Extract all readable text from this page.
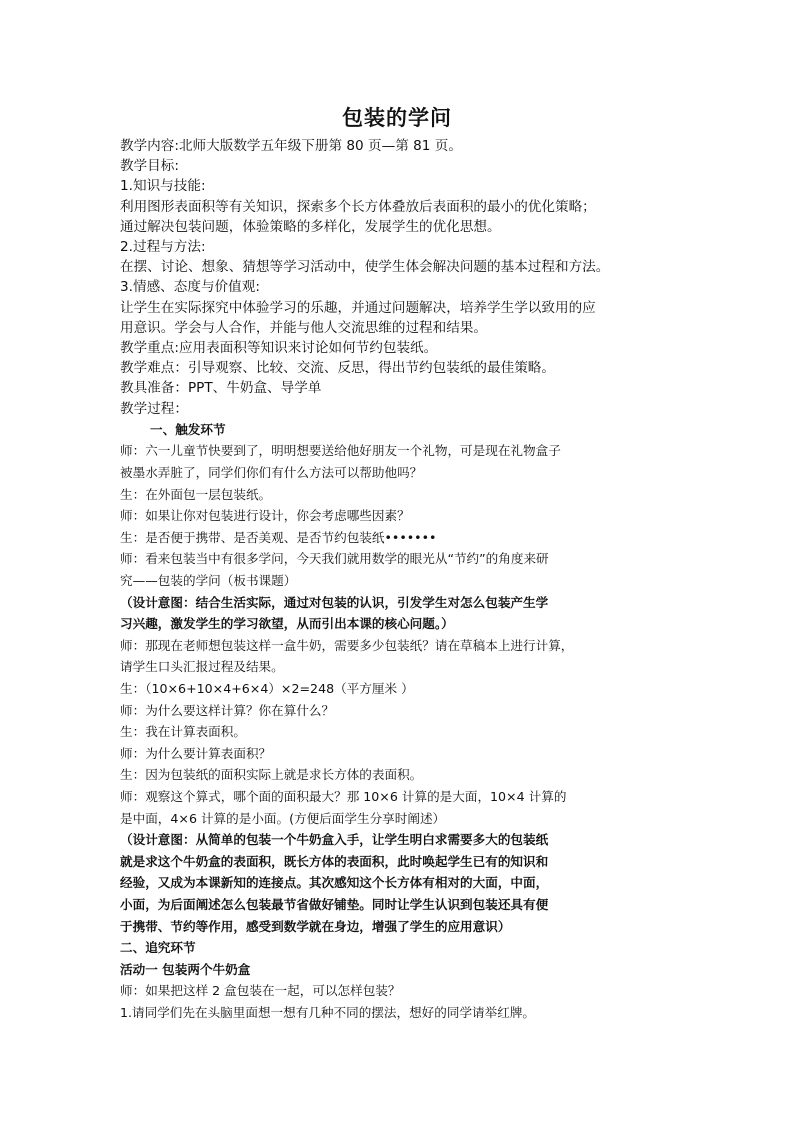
包装的学问

教学内容:北师大版数学五年级下册第 80 页—第 81 页。

教学目标:

1.知识与技能:

利用图形表面积等有关知识，探索多个长方体叠放后表面积的最小的优化策略；

通过解决包装问题，体验策略的多样化，发展学生的优化思想。

2.过程与方法:

在摆、讨论、想象、猜想等学习活动中，使学生体会解决问题的基本过程和方法。

3.情感、态度与价值观:

让学生在实际探究中体验学习的乐趣，并通过问题解决，培养学生学以致用的应

用意识。学会与人合作，并能与他人交流思维的过程和结果。

教学重点:应用表面积等知识来讨论如何节约包装纸。

教学难点：引导观察、比较、交流、反思，得出节约包装纸的最佳策略。

教具准备：PPT、牛奶盒、导学单

教学过程：

一、触发环节

师：六一儿童节快要到了，明明想要送给他好朋友一个礼物，可是现在礼物盒子

被墨水弄脏了，同学们你们有什么方法可以帮助他吗？

生：在外面包一层包装纸。

师：如果让你对包装进行设计，你会考虑哪些因素？

生：是否便于携带、是否美观、是否节约包装纸•••••••

师：看来包装当中有很多学问，今天我们就用数学的眼光从“节约”的角度来研

究——包装的学问（板书课题）

（设计意图：结合生活实际，通过对包装的认识，引发学生对怎么包装产生学

习兴趣，激发学生的学习欲望，从而引出本课的核心问题。）

师：那现在老师想包装这样一盒牛奶，需要多少包装纸？请在草稿本上进行计算，

请学生口头汇报过程及结果。

生：（10×6+10×4+6×4）×2=248（平方厘米 ）

师：为什么要这样计算？你在算什么？

生：我在计算表面积。

师：为什么要计算表面积？

生：因为包装纸的面积实际上就是求长方体的表面积。

师：观察这个算式，哪个面的面积最大？那 10×6 计算的是大面，10×4 计算的

是中面，4×6 计算的是小面。(方便后面学生分享时阐述）

（设计意图：从简单的包装一个牛奶盒入手，让学生明白求需要多大的包装纸

就是求这个牛奶盒的表面积，既长方体的表面积，此时唤起学生已有的知识和

经验，又成为本课新知的连接点。其次感知这个长方体有相对的大面，中面，

小面，为后面阐述怎么包装最节省做好铺垫。同时让学生认识到包装还具有便

于携带、节约等作用，感受到数学就在身边，增强了学生的应用意识）

二、追究环节

活动一 包装两个牛奶盒

师：如果把这样 2 盒包装在一起，可以怎样包装？

1.请同学们先在头脑里面想一想有几种不同的摆法，想好的同学请举红牌。
